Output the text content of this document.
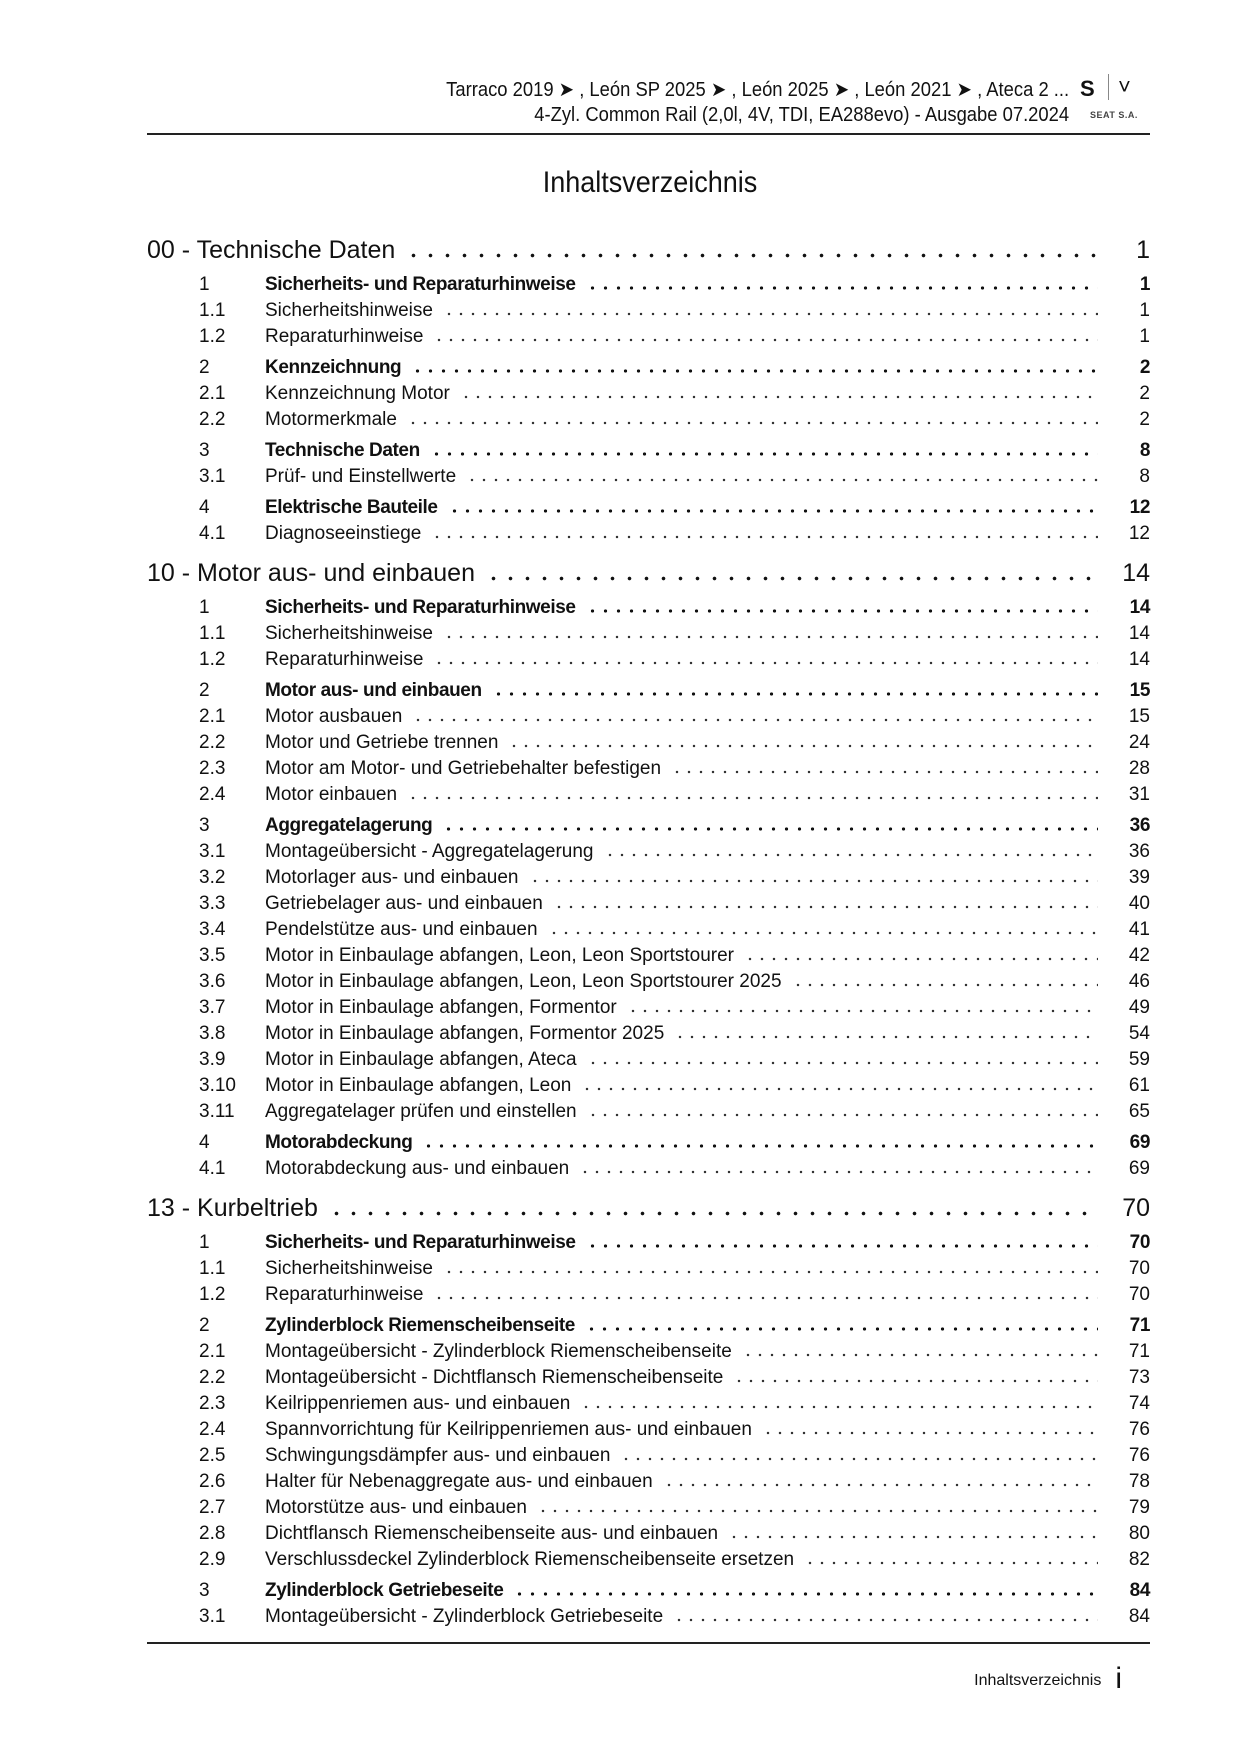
Tarraco 2019 ➤ , León SP 2025 ➤ , León 2025 ➤ , León 2021 ➤ , Ateca 2 ...
4-Zyl. Common Rail (2,0l, 4V, TDI, EA288evo) - Ausgabe 07.2024
S ˅
SEAT S.A.
Inhaltsverzeichnis
00 - Technische Daten	1
1	Sicherheits- und Reparaturhinweise	1
1.1	Sicherheitshinweise	1
1.2	Reparaturhinweise	1
2	Kennzeichnung	2
2.1	Kennzeichnung Motor	2
2.2	Motormerkmale	2
3	Technische Daten	8
3.1	Prüf- und Einstellwerte	8
4	Elektrische Bauteile	12
4.1	Diagnoseeinstiege	12
10 - Motor aus- und einbauen	14
1	Sicherheits- und Reparaturhinweise	14
1.1	Sicherheitshinweise	14
1.2	Reparaturhinweise	14
2	Motor aus- und einbauen	15
2.1	Motor ausbauen	15
2.2	Motor und Getriebe trennen	24
2.3	Motor am Motor- und Getriebehalter befestigen	28
2.4	Motor einbauen	31
3	Aggregatelagerung	36
3.1	Montageübersicht - Aggregatelagerung	36
3.2	Motorlager aus- und einbauen	39
3.3	Getriebelager aus- und einbauen	40
3.4	Pendelstütze aus- und einbauen	41
3.5	Motor in Einbaulage abfangen, Leon, Leon Sportstourer	42
3.6	Motor in Einbaulage abfangen, Leon, Leon Sportstourer 2025	46
3.7	Motor in Einbaulage abfangen, Formentor	49
3.8	Motor in Einbaulage abfangen, Formentor 2025	54
3.9	Motor in Einbaulage abfangen, Ateca	59
3.10	Motor in Einbaulage abfangen, Leon	61
3.11	Aggregatelager prüfen und einstellen	65
4	Motorabdeckung	69
4.1	Motorabdeckung aus- und einbauen	69
13 - Kurbeltrieb	70
1	Sicherheits- und Reparaturhinweise	70
1.1	Sicherheitshinweise	70
1.2	Reparaturhinweise	70
2	Zylinderblock Riemenscheibenseite	71
2.1	Montageübersicht - Zylinderblock Riemenscheibenseite	71
2.2	Montageübersicht - Dichtflansch Riemenscheibenseite	73
2.3	Keilrippenriemen aus- und einbauen	74
2.4	Spannvorrichtung für Keilrippenriemen aus- und einbauen	76
2.5	Schwingungsdämpfer aus- und einbauen	76
2.6	Halter für Nebenaggregate aus- und einbauen	78
2.7	Motorstütze aus- und einbauen	79
2.8	Dichtflansch Riemenscheibenseite aus- und einbauen	80
2.9	Verschlussdeckel Zylinderblock Riemenscheibenseite ersetzen	82
3	Zylinderblock Getriebeseite	84
3.1	Montageübersicht - Zylinderblock Getriebeseite	84
Inhaltsverzeichnis i
